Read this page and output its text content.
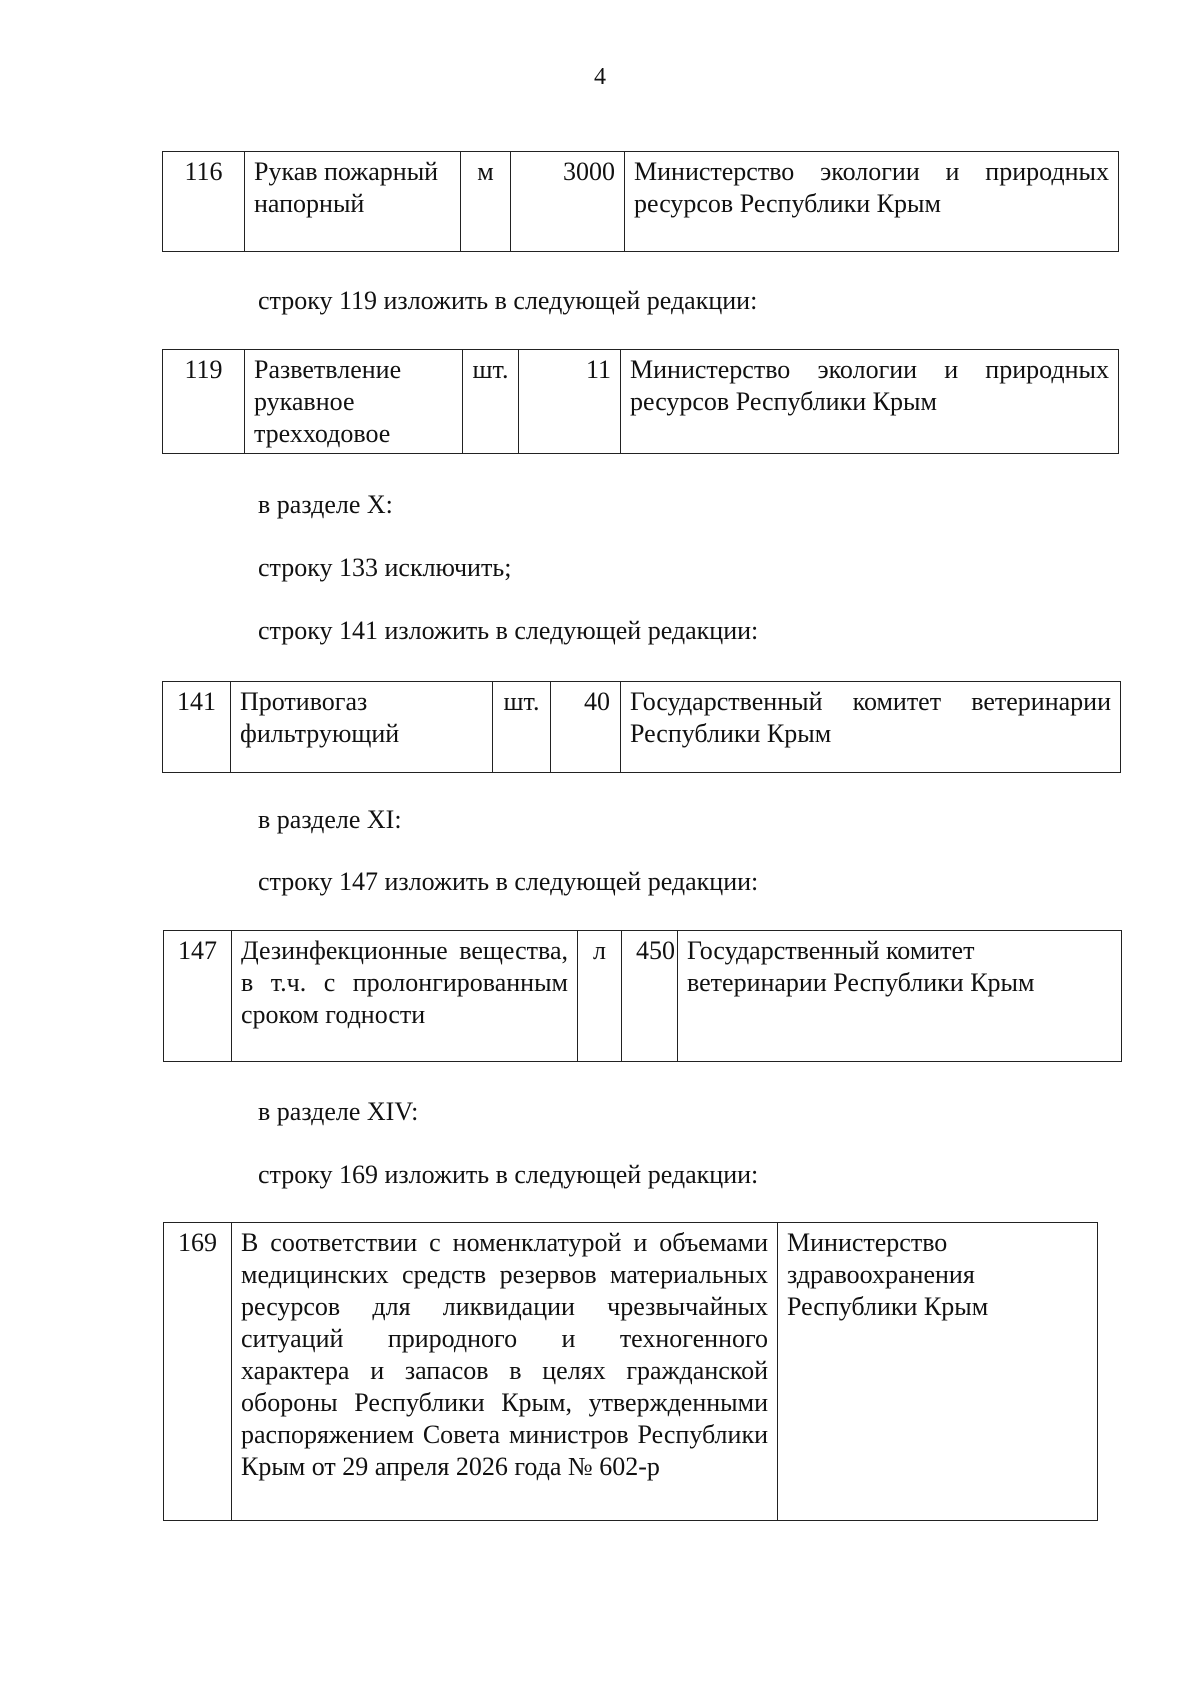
4
116	Рукав пожарный напорный	м	3000	Министерство экологии и природных ресурсов Республики Крым
строку 119 изложить в следующей редакции:
119	Разветвление рукавное трехходовое	шт.	11	Министерство экологии и природных ресурсов Республики Крым
в разделе X:
строку 133 исключить;
строку 141 изложить в следующей редакции:
141	Противогаз фильтрующий	шт.	40	Государственный комитет ветеринарии Республики Крым
в разделе XI:
строку 147 изложить в следующей редакции:
147	Дезинфекционные вещества, в т.ч. с пролонгированным сроком годности	л	450	Государственный комитет ветеринарии Республики Крым
в разделе XIV:
строку 169 изложить в следующей редакции:
169	В соответствии с номенклатурой и объемами медицинских средств резервов материальных ресурсов для ликвидации чрезвычайных ситуаций природного и техногенного характера и запасов в целях гражданской обороны Республики Крым, утвержденными распоряжением Совета министров Республики Крым от 29 апреля 2026 года № 602-р	Министерство здравоохранения Республики Крым
